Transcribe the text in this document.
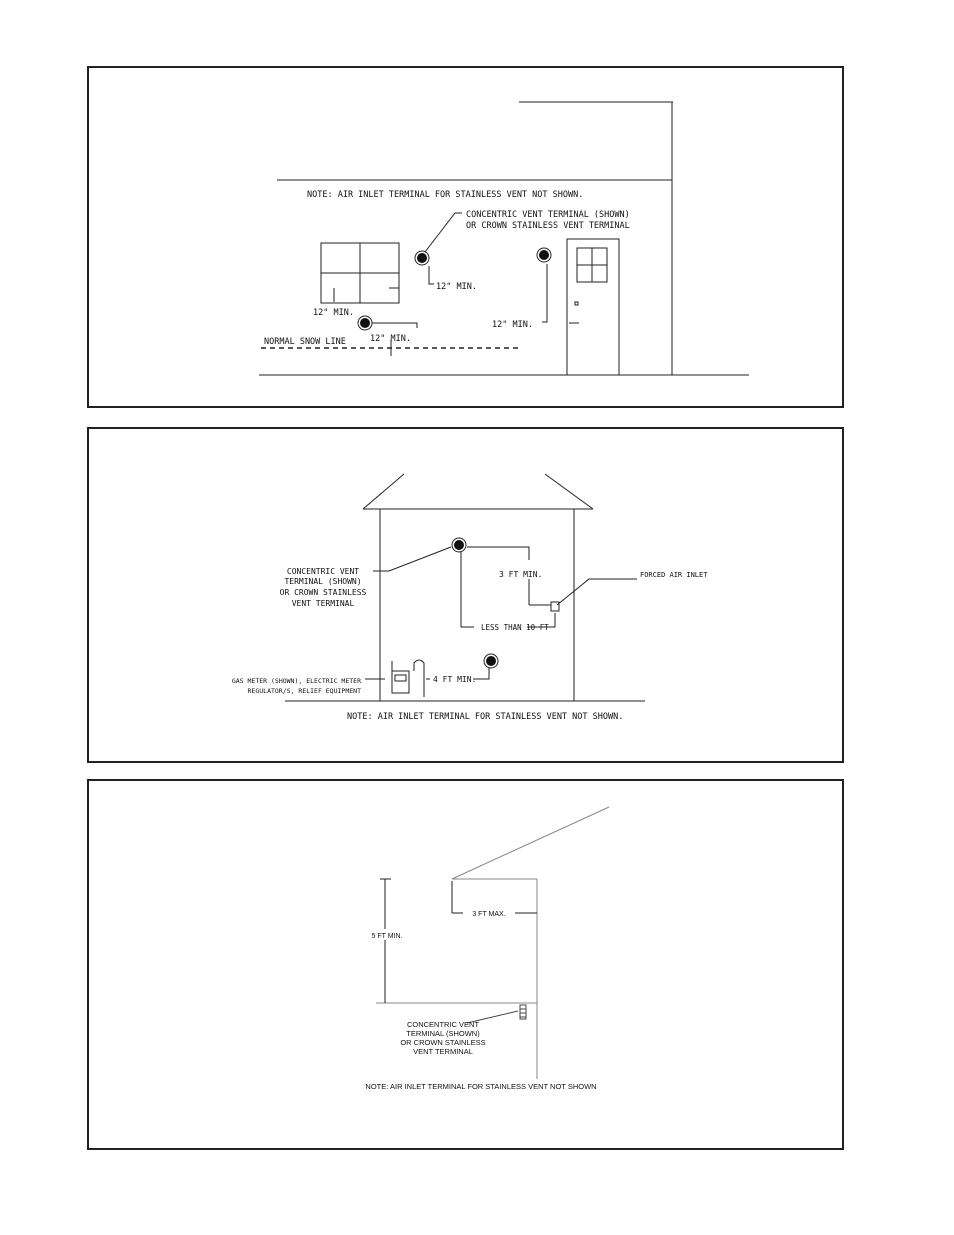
NOTE: AIR INLET TERMINAL FOR STAINLESS VENT NOT SHOWN.
CONCENTRIC VENT TERMINAL (SHOWN)
OR CROWN STAINLESS VENT TERMINAL
12" MIN.
12" MIN.
12" MIN.
12" MIN.
NORMAL SNOW LINE
CONCENTRIC VENT
TERMINAL (SHOWN)
OR CROWN STAINLESS
VENT TERMINAL
3 FT MIN.	FORCED AIR INLET
LESS THAN 10 FT
4 FT MIN.
GAS METER (SHOWN), ELECTRIC METER
REGULATOR/S, RELIEF EQUIPMENT
NOTE: AIR INLET TERMINAL FOR STAINLESS VENT NOT SHOWN.
3 FT MAX.
5 FT MIN.
CONCENTRIC VENT
TERMINAL (SHOWN)
OR CROWN STAINLESS
VENT TERMINAL
NOTE: AIR INLET TERMINAL FOR STAINLESS VENT NOT SHOWN
